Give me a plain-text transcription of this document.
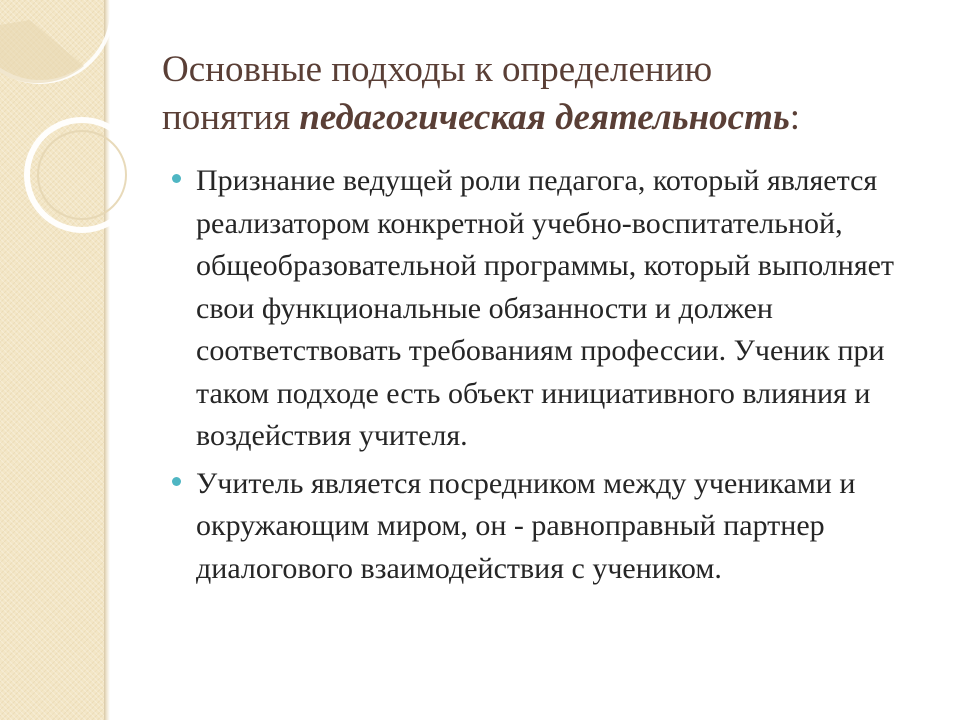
Основные подходы к определению
понятия педагогическая деятельность:
Признание ведущей роли педагога, который является реализатором конкретной учебно-воспитательной, общеобразовательной программы, который выполняет свои функциональные обязанности и должен соответствовать требованиям профессии. Ученик при таком подходе есть объект инициативного влияния и воздействия учителя.
Учитель является посредником между учениками и окружающим миром, он - равноправный партнер диалогового взаимодействия с учеником.
